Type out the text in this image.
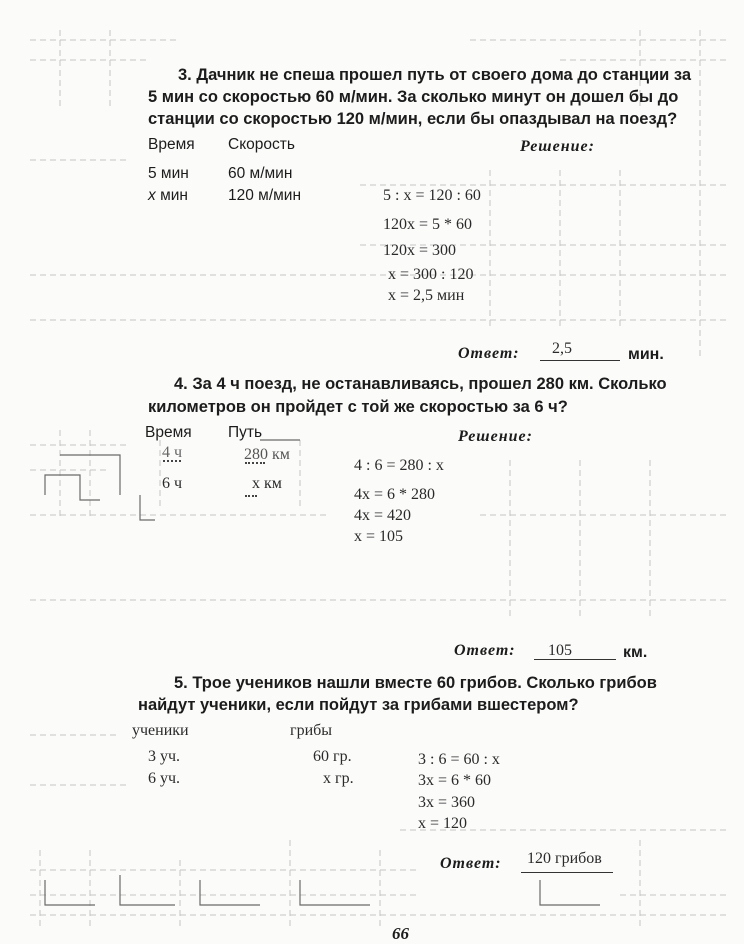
3. Дачник не спеша прошел путь от своего дома до станции за
5 мин со скоростью 60 м/мин. За сколько минут он дошел бы до
станции со скоростью 120 м/мин, если бы опаздывал на поезд?
Время Скорость	Решение:
5 мин	60 м/мин
x мин	120 м/мин	5 : x = 120 : 60
120x = 5 * 60
120x = 300
x = 300 : 120
x = 2,5 мин
Ответ: 2,5	мин.
4. За 4 ч поезд, не останавливаясь, прошел 280 км. Сколько
километров он пройдет с той же скоростью за 6 ч?
Время Путь	Решение:
4 ч	280 км
6 ч	x км
4 : 6 = 280 : x
4x = 6 * 280
4x = 420
x = 105
Ответ: 105	км.
5. Трое учеников нашли вместе 60 грибов. Сколько грибов
найдут ученики, если пойдут за грибами вшестером?
ученики	грибы
3 уч.	60 гр.
6 уч.	x гр.
3 : 6 = 60 : x
3x = 6 * 60
3x = 360
x = 120
Ответ: 120 грибов
66
